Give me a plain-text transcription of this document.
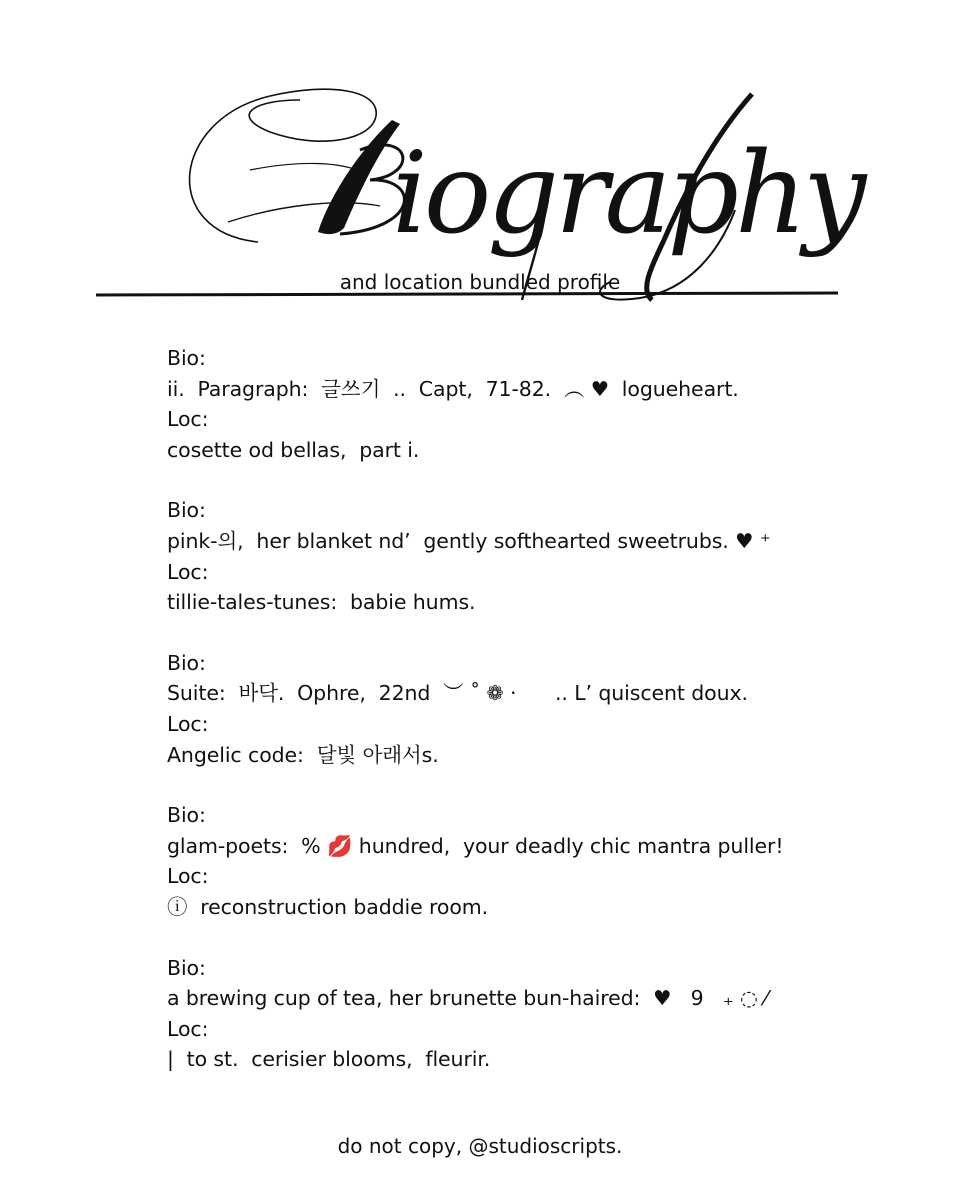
iography
and location bundled profile
Bio:
ii.  Paragraph:  글쓰기  ..  Capt,  71-82.  ︵ ♥  logueheart.
Loc:
cosette od bellas,  part i.
Bio:
pink-의,  her blanket nd’  gently softhearted sweetrubs. ♥ ⁺
Loc:
tillie-tales-tunes:  babie hums.
Bio:
Suite:  바닥.  Ophre,  22nd  ︶ ˚ ❁ ·      .. L’ quiscent doux.
Loc:
Angelic code:  달빛 아래서s.
Bio:
glam-poets:  % 💋 hundred,  your deadly chic mantra puller!
Loc:
ⓘ  reconstruction baddie room.
Bio:
a brewing cup of tea, her brunette bun-haired:  ♥   9   ₊ ◌ ⁄
Loc:
|  to st.  cerisier blooms,  fleurir.
do not copy, @studioscripts.
